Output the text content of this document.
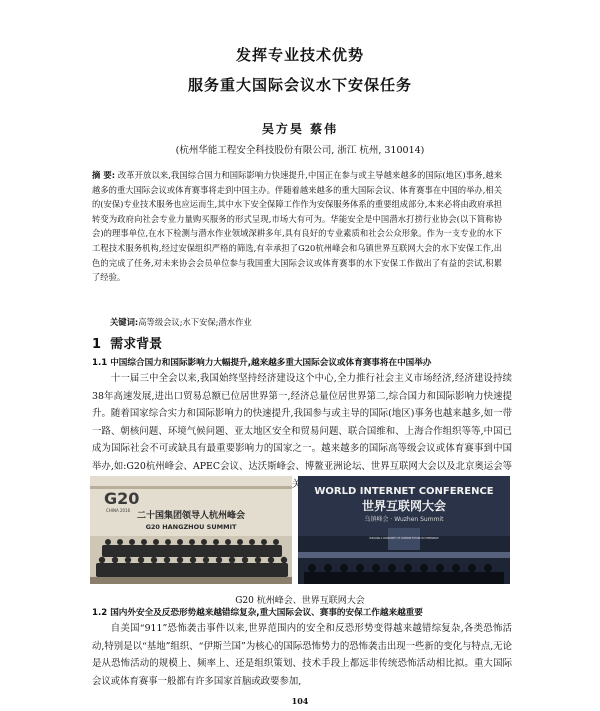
发挥专业技术优势
服务重大国际会议水下安保任务
吴方昊 蔡伟
(杭州华能工程安全科技股份有限公司, 浙江 杭州, 310014)
摘 要: 改革开放以来,我国综合国力和国际影响力快速提升,中国正在参与或主导越来越多的国际(地区)事务,越来越多的重大国际会议或体育赛事将走到中国主办。伴随着越来越多的重大国际会议、体育赛事在中国的举办,相关的(安保)专业技术服务也应运而生,其中水下安全保障工作作为安保服务体系的重要组成部分,本来必将由政府承担转变为政府向社会专业力量购买服务的形式呈现,市场大有可为。华能安全是中国潜水打捞行业协会(以下简称协会)的理事单位,在水下检测与潜水作业领域深耕多年,具有良好的专业素质和社会公众形象。作为一支专业的水下工程技术服务机构,经过安保组织严格的筛选,有幸承担了G20杭州峰会和乌镇世界互联网大会的水下安保工作,出色的完成了任务,对未来协会会员单位参与我国重大国际会议或体育赛事的水下安保工作做出了有益的尝试,积累了经验。
关键词:高等级会议;水下安保;潜水作业
1 需求背景
1.1 中国综合国力和国际影响力大幅提升,越来越多重大国际会议或体育赛事将在中国举办

十一届三中全会以来,我国始终坚持经济建设这个中心,全力推行社会主义市场经济,经济建设持续38年高速发展,进出口贸易总额已位居世界第一,经济总量位居世界第二,综合国力和国际影响力快速提升。随着国家综合实力和国际影响力的快速提升,我国参与或主导的国际(地区)事务也越来越多,如一带一路、朝核问题、环境气候问题、亚太地区安全和贸易问题、联合国维和、上海合作组织等等,中国已成为国际社会不可或缺具有最重要影响力的国家之一。越来越多的国际高等级会议或体育赛事到中国举办,如:G20杭州峰会、APEC会议、达沃斯峰会、博鳌亚洲论坛、世界互联网大会以及北京奥运会等 的举办,相关的高等级

G20
CHINA 2016
二十国集团领导人杭州峰会
G20 HANGZHOU SUMMIT
WORLD INTERNET CONFERENCE
世界互联网大会
乌镇峰会 · Wuzhen Summit
BUILDING A COMMUNITY OF COMMON FUTURE IN CYBERSPACE
G20 杭州峰会、世界互联网大会
1.2 国内外安全及反恐形势越来越错综复杂,重大国际会议、赛事的安保工作越来越重要

自美国“911”恐怖袭击事件以来,世界范围内的安全和反恐形势变得越来越错综复杂,各类恐怖活动,特别是以“基地”组织、“伊斯兰国”为核心的国际恐怖势力的恐怖袭击出现一些新的变化与特点,无论是从恐怖活动的规模上、频率上、还是组织策划、技术手段上都远非传统恐怖活动相比拟。重大国际会议或体育赛事一般都有许多国家首脑或政要参加,

104
